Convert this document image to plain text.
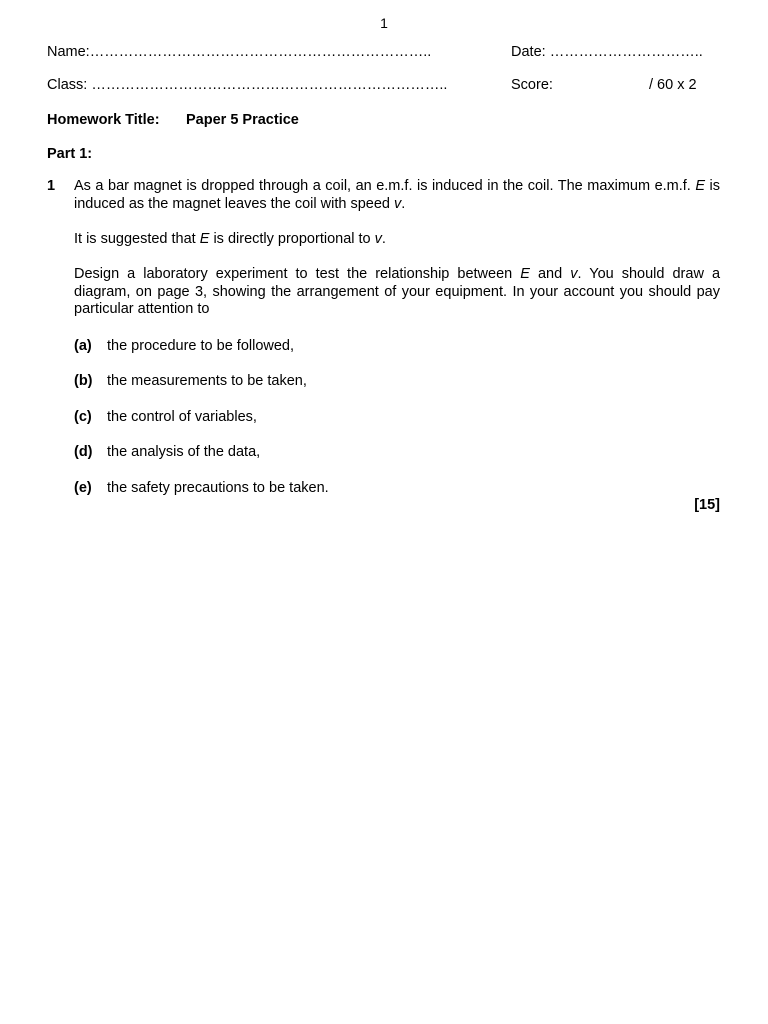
1
Name:……………………………………………………………..	Date: …………………………..
Class: ………………………………………………………………..	Score:	/ 60 x 2
Homework Title: Paper 5 Practice
Part 1:
1 As a bar magnet is dropped through a coil, an e.m.f. is induced in the coil. The maximum e.m.f. E is induced as the magnet leaves the coil with speed v.
It is suggested that E is directly proportional to v.
Design a laboratory experiment to test the relationship between E and v. You should draw a diagram, on page 3, showing the arrangement of your equipment. In your account you should pay particular attention to
(a) the procedure to be followed,
(b) the measurements to be taken,
(c) the control of variables,
(d) the analysis of the data,
(e) the safety precautions to be taken.
[15]
